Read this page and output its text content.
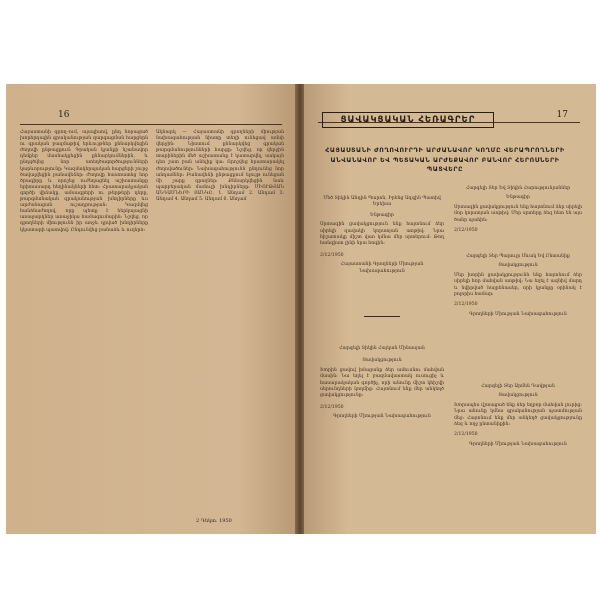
16

Հայաստանի գրող–ում, այսպիսով, ընդ նորացած խորհրդային գրականության զարգացման հարցերն ու գրական բազմաթիվ երևույթներ քննարկվեցին ժողովի ընթացքում։ Գրական կյանքի նշանավոր դեմքեր մասնակցեցին քննարկումներին, և ընդգծվեց նոր ստեղծագործությունների կարևորությունը։ Կազմակերպական հարցերի շուրջ ծավալվեցին բանավեճեր։ Ժողովը հաստատեց նոր ծրագիրը և որոշեց ուժեղացնել աշխատանքը երիտասարդ հեղինակների հետ։ Հրատարակչական գործի վիճակը, ամսագրերի ու թերթերի դերը, թարգմանական գրականության խնդիրները ևս արժանացան ուշադրության։ Կազմվեց հանձնաժողով, որը պետք է ներկայացնի առաջարկներ առաջիկա համագումարին։ Նշվեց, որ գրողների միությունն իր առջև դրված խնդիրները կկատարի պատվով։ Ընդունվեց բանաձև և ուղերձ։

Ակնարկ — Հայաստանի գրողների միության նախագահության նիստը տեղի ունեցավ ամսի վերջին։ Նիստում քննարկվեց գրական թարգմանությունների հարցը։ Նշվեց, որ վերջին տարիներին մեծ աշխատանք է կատարվել, սակայն դեռ շատ բան անելիք կա։ Որոշվեց հրատարակել ժողովածուներ։ Նախագահությունն ընդունեց նոր անդամներ։ Բանավեճի ընթացքում ելույթ ունեցան մի շարք գրողներ։ Քննարկվեցին նաև պարբերական մամուլի խնդիրները։ ՄԻՈՒԹՅԱՆ ԱՆԴԱՄՆԵՐԻ ՑԱՆԿԸ. 1. Անդամ 2. Անդամ 3. Անդամ 4. Անդամ 5. Անդամ 6. Անդամ

2 Դեկտ. 1950
17
ՑԱՎԱԿՑԱԿԱՆ ՀԵՌԱԳՐԵՐ
ՀԱՅԱՍՏԱՆԻ ԺՈՂՈՎՈՒՐԴԻ ԱՐԺԱՆԱՎՈՐ ԿՈՂՄԸ ՎԵՐԱՊՐՈՂՆԵՐԻ ԱՆՎԱՆԱՎՈՐ ԵՎ ՊԵՏԱԿԱՆ ԱՐԺԵՔԱՎՈՐ ԲԱՆՎՈՐ ՀԵՐՈՍՆԵՐԻ ՊԱՏՎԵՐԸ
Մեծ Տիկին Անդին Պարոն, Իրենց Ազգին Պատիվ Երեխա
Ենթագիր
Սրտագին ցավակցություն ենք հայտնում ձեր սիրելի զավակի կորստյան առթիվ։ Նրա հիշատակը միշտ վառ կմնա մեր սրտերում։ Թող հանգիստ լինի նրա հոգին։
2/12/1950
Հայաստանի Գրողների Միության Նախագահություն
Հարգելի Տիկին Հայկան Մինասյան
Ցավակցություն
Խորին ցավով իմացանք ձեր ամուսնու մահվան մասին։ Նա եղել է բազմավաստակ ուսուցիչ և հասարակական գործիչ, որի անունը միշտ կհիշվի սերունդների կողմից։ Հայտնում ենք մեր անկեղծ ցավակցությունը։
2/12/1950
Գրողների Միության Նախագահություն
Հարգելի Տեր Եվ Տիկին Հարությունյաններ
Ենթագիր
Սրտագին ցավակցություն ենք հայտնում ձեր սիրելի մոր կորստյան առթիվ։ Մեր սրտերը ձեզ հետ են այս ծանր պահին։
2/12/1950
Հարգելի Տեր Պարույր Սևակ Եվ Ընտանիք
Ցավակցություն
Մեր խորին ցավակցությունն ենք հայտնում ձեր սիրելի հոր մահվան առթիվ։ Նա եղել է ազնիվ մարդ և նվիրված հայրենասեր, որի կյանքը օրինակ է բոլորիս համար։
2/12/1950
Գրողների Միության Նախագահություն
Հարգելի Տեր Արմեն Դավթյան
Ցավակցություն
Խորապես վշտացած ենք ձեր եղբոր մահվան լուրից։ Նրա անունը կմնա գրականության պատմության մեջ։ Հայտնում ենք մեր անկեղծ ցավակցությունը ձեզ և ողջ ընտանիքին։
2/12/1950
Գրողների Միության Նախագահություն
